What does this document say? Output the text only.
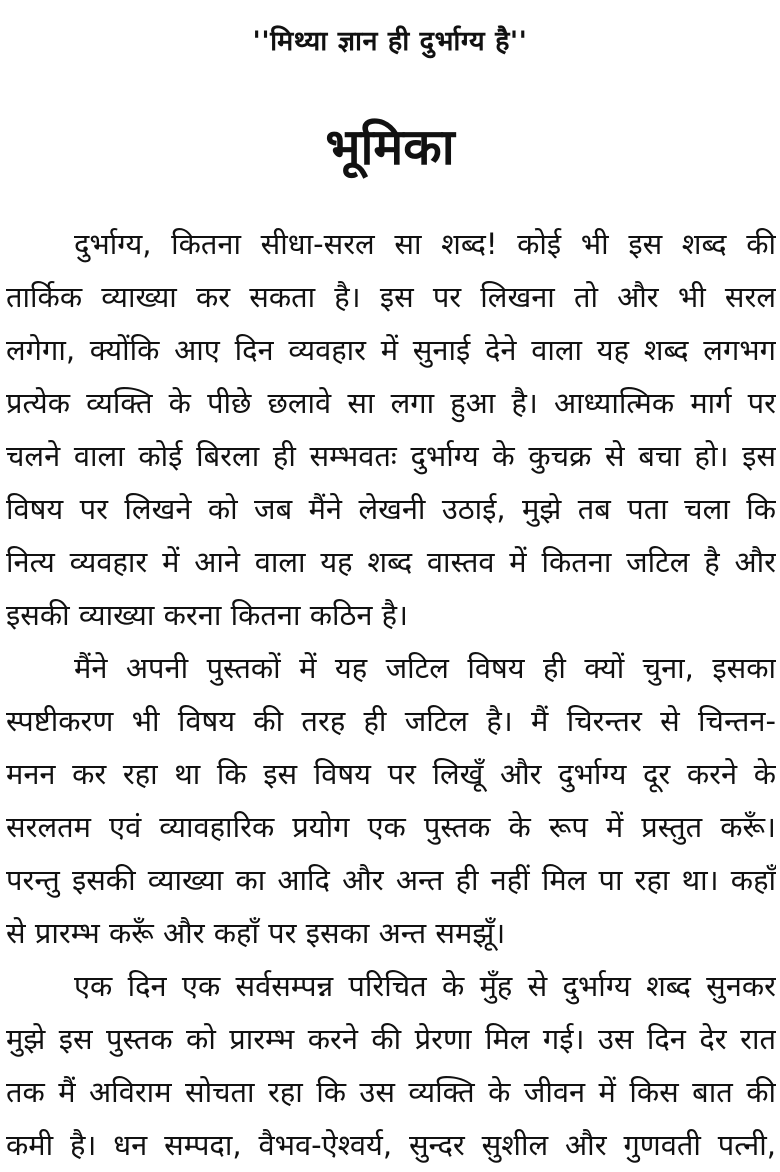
''मिथ्या ज्ञान ही दुर्भाग्य है''
भूमिका
दुर्भाग्य, कितना सीधा-सरल सा शब्द! कोई भी इस शब्द की
तार्किक व्याख्या कर सकता है। इस पर लिखना तो और भी सरल
लगेगा, क्योंकि आए दिन व्यवहार में सुनाई देने वाला यह शब्द लगभग
प्रत्येक व्यक्ति के पीछे छलावे सा लगा हुआ है। आध्यात्मिक मार्ग पर
चलने वाला कोई बिरला ही सम्भवतः दुर्भाग्य के कुचक्र से बचा हो। इस
विषय पर लिखने को जब मैंने लेखनी उठाई, मुझे तब पता चला कि
नित्य व्यवहार में आने वाला यह शब्द वास्तव में कितना जटिल है और
इसकी व्याख्या करना कितना कठिन है।
मैंने अपनी पुस्तकों में यह जटिल विषय ही क्यों चुना, इसका
स्पष्टीकरण भी विषय की तरह ही जटिल है। मैं चिरन्तर से चिन्तन-
मनन कर रहा था कि इस विषय पर लिखूँ और दुर्भाग्य दूर करने के
सरलतम एवं व्यावहारिक प्रयोग एक पुस्तक के रूप में प्रस्तुत करूँ।
परन्तु इसकी व्याख्या का आदि और अन्त ही नहीं मिल पा रहा था। कहाँ
से प्रारम्भ करूँ और कहाँ पर इसका अन्त समझूँ।
एक दिन एक सर्वसम्पन्न परिचित के मुँह से दुर्भाग्य शब्द सुनकर
मुझे इस पुस्तक को प्रारम्भ करने की प्रेरणा मिल गई। उस दिन देर रात
तक मैं अविराम सोचता रहा कि उस व्यक्ति के जीवन में किस बात की
कमी है। धन सम्पदा, वैभव-ऐश्वर्य, सुन्दर सुशील और गुणवती पत्नी,
